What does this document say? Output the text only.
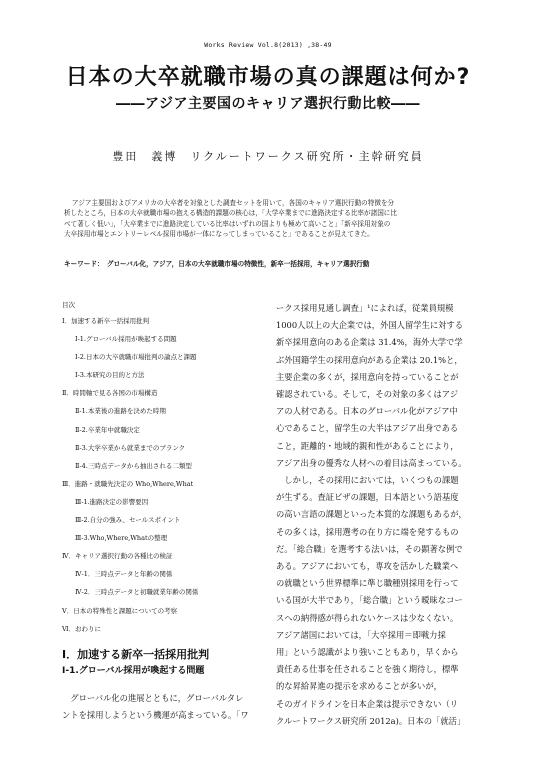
Works Review Vol.8(2013) ,38-49
日本の大卒就職市場の真の課題は何か?
――アジア主要国のキャリア選択行動比較――
豊田　義博　リクルートワークス研究所・主幹研究員

アジア主要国およびアメリカの大卒者を対象とした調査セットを用いて，各国のキャリア選択行動の特徴を分

析したところ，日本の大卒就職市場の抱える構造的課題の核心は，「大学卒業までに進路決定する比率が諸国に比
べて著しく低い」，「大卒業までに進路決定している比率はいずれの国よりも極めて高いこと」「新卒採用対象の
大卒採用市場とエントリーレベル採用市場が一体になってしまっていること」であることが見えてきた。
キーワード：　グローバル化，アジア，日本の大卒就職市場の特徴性，新卒一括採用，キャリア選択行動
目次
Ⅰ．加速する新卒一括採用批判
Ⅰ-1.グローバル採用が喚起する問題
Ⅰ-2.日本の大卒就職市場批判の論点と課題
Ⅰ-3.本研究の目的と方法
Ⅱ．時間軸で見る各国の市場構造
Ⅱ-1.本業後の進路を決めた時期
Ⅱ-2.卒業年中就職決定
Ⅱ-3.大学卒業から就業までのブランク
Ⅱ-4.三時点データから抽出される二類型
Ⅲ．進路・就職先決定の Who,Where,What
Ⅲ-1.進路決定の影響要因
Ⅲ-2.自分の強み、セールスポイント
Ⅲ-3.Who,Where,Whatの整理
Ⅳ．キャリア選択行動の各種比の検証
Ⅳ-1．三時点データと年齢の関係
Ⅳ-2．三時点データと初職就業年齢の関係
Ⅴ．日本の特殊性と課題についての考察
Ⅵ．おわりに
Ⅰ．加速する新卒一括採用批判
Ⅰ-1.グローバル採用が喚起する問題
　グローバル化の進展とともに，グローバルタレ
ントを採用しようという機運が高まっている。「ワ
ークス採用見通し調査」¹によれば，従業員規模
1000人以上の大企業では，外国人留学生に対する
新卒採用意向のある企業は 31.4%，海外大学で学
ぶ外国籍学生の採用意向がある企業は 20.1%と，
主要企業の多くが，採用意向を持っていることが
確認されている。そして，その対象の多くはアジ
アの人材である。日本のグローバル化がアジア中
心であること，留学生の大半はアジア出身である
こと，距離的・地域的親和性があることにより，
アジア出身の優秀な人材への着目は高まっている。
　しかし，その採用においては，いくつもの課題
が生ずる。査証ビザの課題，日本語という語基度
の高い言語の課題といった本質的な課題もあるが，
その多くは，採用選考の在り方に端を発するもの
だ。「総合職」を選考する法いは，その顕著な例で
ある。アジアにおいても，専攻を活かした職業へ
の就職という世界標準に準じ職種別採用を行って
いる国が大半であり，「総合職」という曖昧なコー
スへの納得感が得られないケースは少なくない。
アジア諸国においては，「大卒採用＝即戦力採
用」という認識がより強いこともあり，早くから
責任ある仕事を任されることを強く期待し，標準
的な昇給昇進の提示を求めることが多いが，
そのガイドラインを日本企業は提示できない（リ
クルートワークス研究所 2012a)。日本の「就活」
